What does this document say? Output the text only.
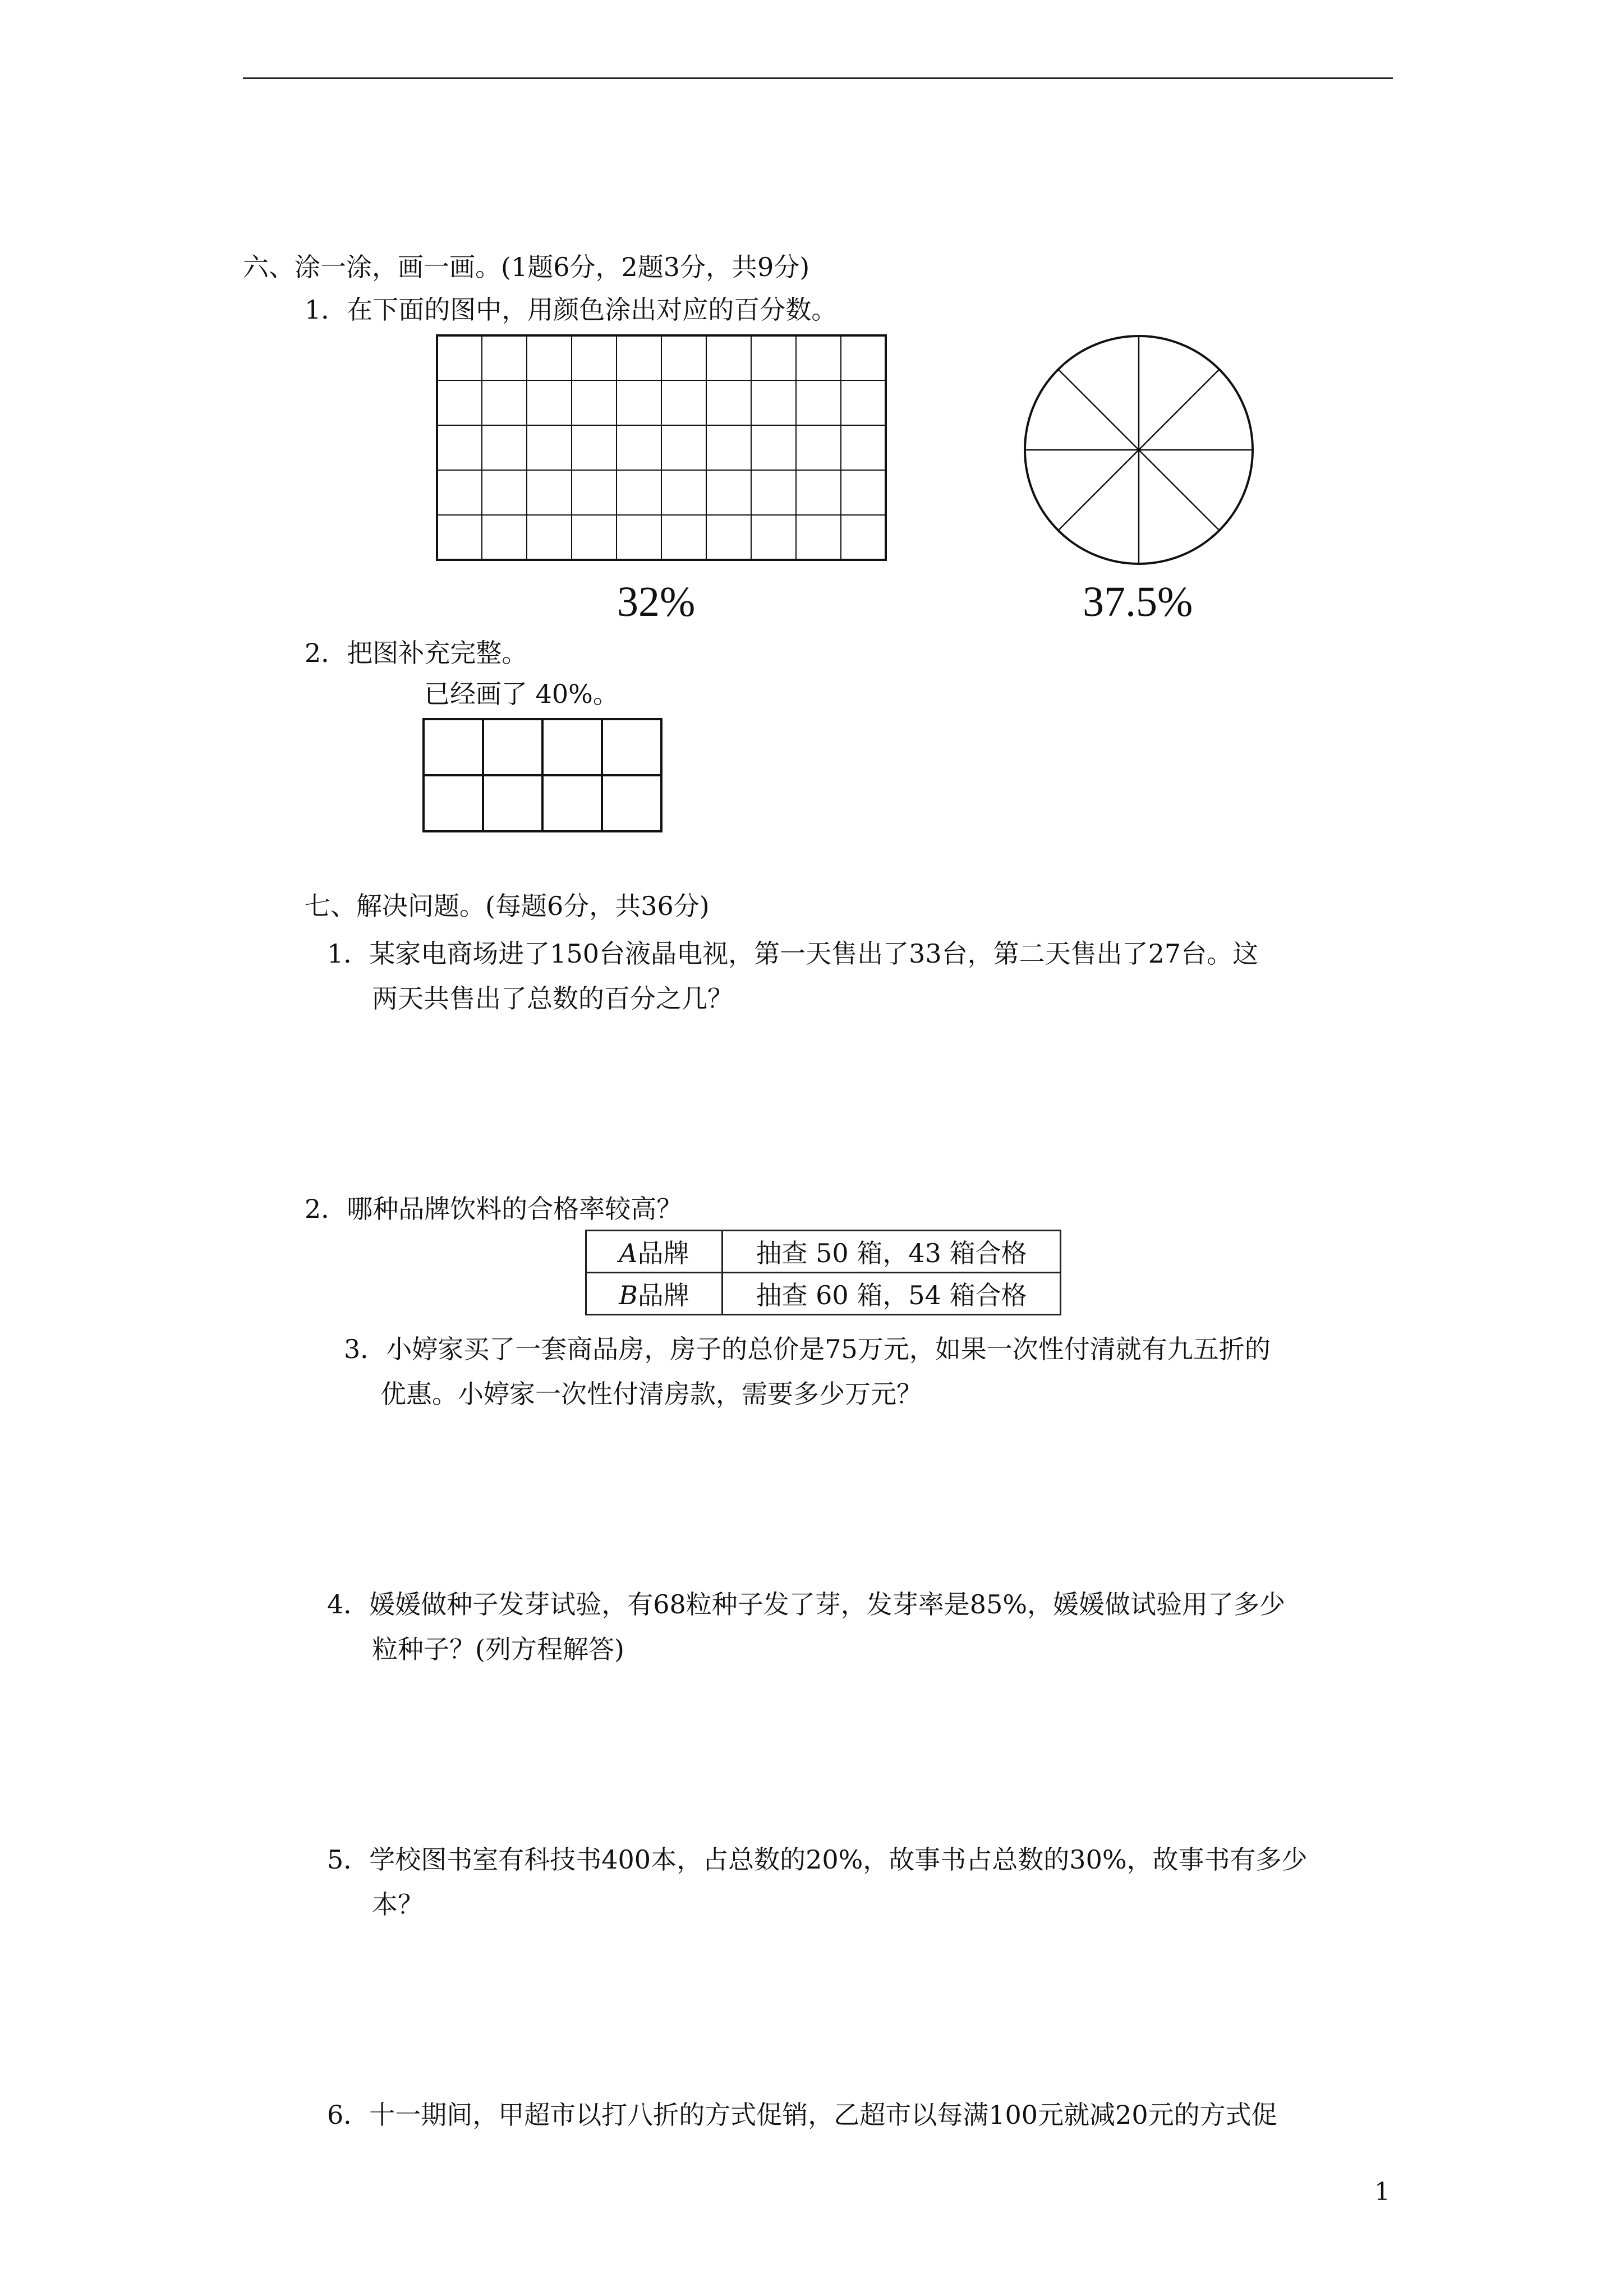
六、涂一涂，画一画。(1题6分，2题3分，共9分)
1．在下面的图中，用颜色涂出对应的百分数。
32%	37.5%
2．把图补充完整。
已经画了 40%。
七、解决问题。(每题6分，共36分)
1．某家电商场进了150台液晶电视，第一天售出了33台，第二天售出了27台。这
两天共售出了总数的百分之几？
2．哪种品牌饮料的合格率较高？
A品牌	抽查 50 箱，43 箱合格
B品牌	抽查 60 箱，54 箱合格
3．小婷家买了一套商品房，房子的总价是75万元，如果一次性付清就有九五折的
优惠。小婷家一次性付清房款，需要多少万元？
4．媛媛做种子发芽试验，有68粒种子发了芽，发芽率是85%，媛媛做试验用了多少
粒种子？(列方程解答)
5．学校图书室有科技书400本，占总数的20%，故事书占总数的30%，故事书有多少
本？
6．十一期间，甲超市以打八折的方式促销，乙超市以每满100元就减20元的方式促
1
